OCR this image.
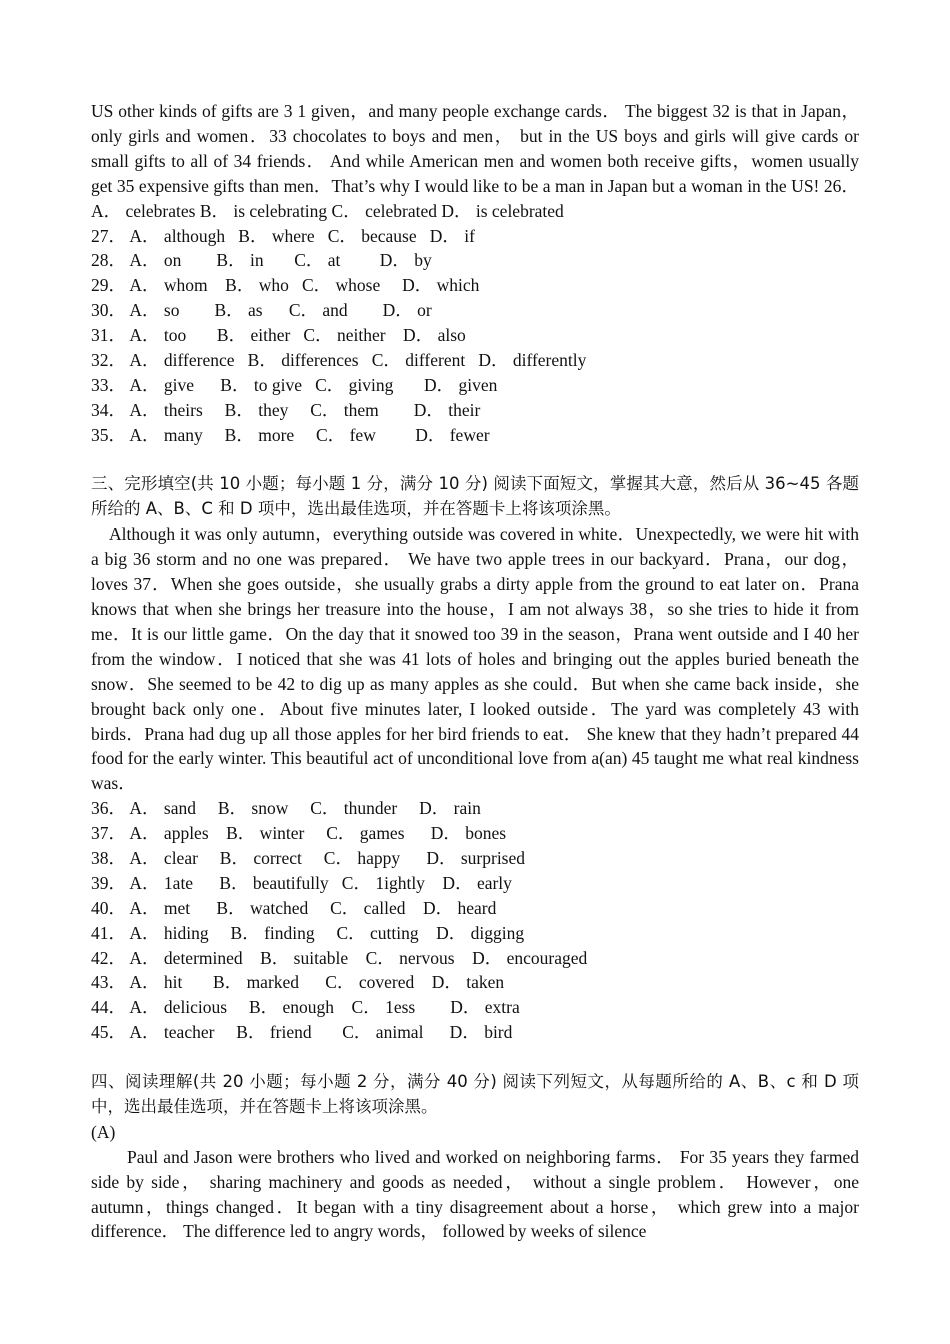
US other kinds of gifts are 3 1 given，and many people exchange cards． The biggest 32 is that in Japan，only girls and women．33 chocolates to boys and men， but in the US boys and girls will give cards or small gifts to all of 34 friends． And while American men and women both receive gifts，women usually get 35 expensive gifts than men．That’s why I would like to be a man in Japan but a woman in the US! 26． A． celebrates B． is celebrating C． celebrated D． is celebrated

27． A． although   B． where   C． because   D． if

28． A． on        B． in       C． at         D． by

29． A． whom    B． who   C． whose     D． which

30． A． so        B． as      C． and        D． or

31． A． too       B． either   C． neither    D． also

32． A． difference   B． differences   C． different   D． differently

33． A． give      B． to give   C． giving       D． given

34． A． theirs     B． they     C． them        D． their

35． A． many     B． more     C． few         D． fewer

三、完形填空(共 10 小题；每小题 1 分，满分 10 分) 阅读下面短文，掌握其大意，然后从 36~45 各题所给的 A、B、C 和 D 项中，选出最佳选项，并在答题卡上将该项涂黑。

Although it was only autumn，everything outside was covered in white．Unexpectedly, we were hit with a big 36 storm and no one was prepared． We have two apple trees in our backyard．Prana，our dog，loves 37．When she goes outside，she usually grabs a dirty apple from the ground to eat later on．Prana knows that when she brings her treasure into the house，I am not always 38，so she tries to hide it from me．It is our little game．On the day that it snowed too 39 in the season，Prana went outside and I 40 her from the window．I noticed that she was 41 lots of holes and bringing out the apples buried beneath the snow．She seemed to be 42 to dig up as many apples as she could．But when she came back inside，she brought back only one．About five minutes later, I looked outside．The yard was completely 43 with birds．Prana had dug up all those apples for her bird friends to eat． She knew that they hadn’t prepared 44 food for the early winter. This beautiful act of unconditional love from a(an) 45 taught me what real kindness was．

36． A． sand     B． snow     C． thunder     D． rain

37． A． apples    B． winter     C． games      D． bones

38． A． clear     B． correct     C． happy      D． surprised

39． A． 1ate      B． beautifully   C． 1ightly    D． early

40． A． met      B． watched     C． called    D． heard

41． A． hiding     B． finding     C． cutting    D． digging

42． A． determined    B． suitable    C． nervous    D． encouraged

43． A． hit       B． marked      C． covered    D． taken

44． A． delicious     B． enough    C． 1ess        D． extra

45． A． teacher     B． friend       C． animal      D． bird

四、阅读理解(共 20 小题；每小题 2 分，满分 40 分) 阅读下列短文，从每题所给的 A、B、c 和 D 项中，选出最佳选项，并在答题卡上将该项涂黑。

(A)

Paul and Jason were brothers who lived and worked on neighboring farms． For 35 years they farmed side by side， sharing machinery and goods as needed， without a single problem． However，one autumn，things changed．It began with a tiny disagreement about a horse， which grew into a major difference． The difference led to angry words， followed by weeks of silence
